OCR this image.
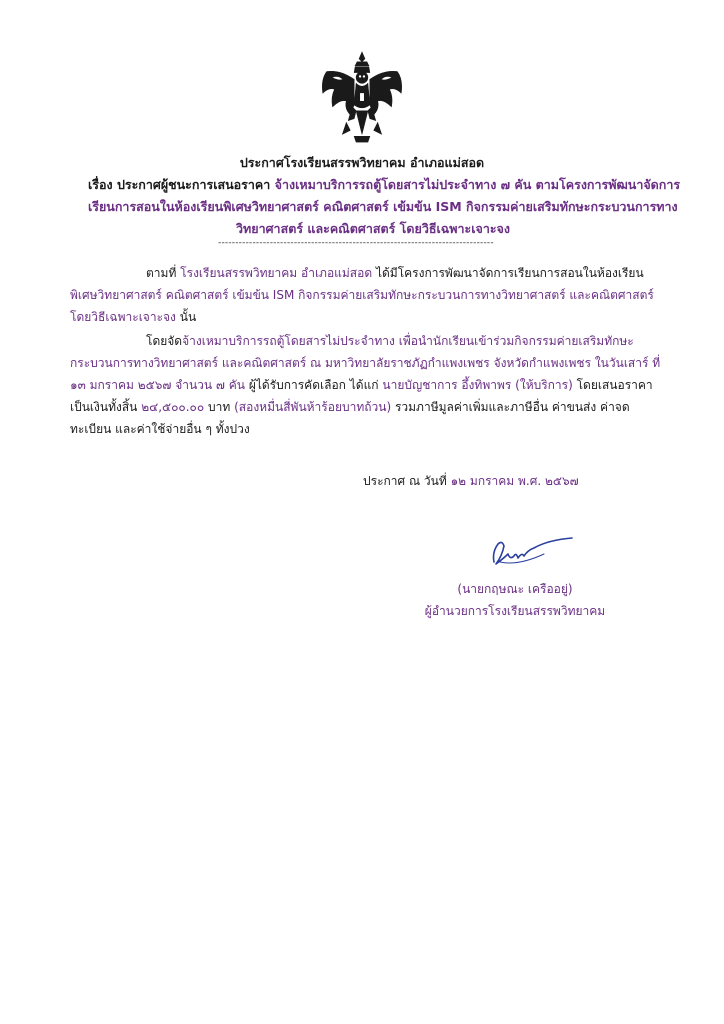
ประกาศโรงเรียนสรรพวิทยาคม อำเภอแม่สอด
เรื่อง ประกาศผู้ชนะการเสนอราคา จ้างเหมาบริการรถตู้โดยสารไม่ประจำทาง ๗ คัน ตามโครงการพัฒนาจัดการ
เรียนการสอนในห้องเรียนพิเศษวิทยาศาสตร์ คณิตศาสตร์ เข้มข้น ISM กิจกรรมค่ายเสริมทักษะกระบวนการทาง
วิทยาศาสตร์ และคณิตศาสตร์ โดยวิธีเฉพาะเจาะจง
--------------------------------------------------------------------------------
ตามที่ โรงเรียนสรรพวิทยาคม อำเภอแม่สอด ได้มีโครงการพัฒนาจัดการเรียนการสอนในห้องเรียน
พิเศษวิทยาศาสตร์ คณิตศาสตร์ เข้มข้น ISM กิจกรรมค่ายเสริมทักษะกระบวนการทางวิทยาศาสตร์ และคณิตศาสตร์
โดยวิธีเฉพาะเจาะจง นั้น
โดยจัดจ้างเหมาบริการรถตู้โดยสารไม่ประจำทาง เพื่อนำนักเรียนเข้าร่วมกิจกรรมค่ายเสริมทักษะ
กระบวนการทางวิทยาศาสตร์ และคณิตศาสตร์ ณ มหาวิทยาลัยราชภัฏกำแพงเพชร จังหวัดกำแพงเพชร ในวันเสาร์ ที่
๑๓ มกราคม ๒๕๖๗ จำนวน ๗ คัน ผู้ได้รับการคัดเลือก ได้แก่ นายบัญชาการ อึ้งทิพาพร (ให้บริการ) โดยเสนอราคา
เป็นเงินทั้งสิ้น ๒๔,๕๐๐.๐๐ บาท (สองหมื่นสี่พันห้าร้อยบาทถ้วน) รวมภาษีมูลค่าเพิ่มและภาษีอื่น ค่าขนส่ง ค่าจด
ทะเบียน และค่าใช้จ่ายอื่น ๆ ทั้งปวง
ประกาศ ณ วันที่ ๑๒ มกราคม พ.ศ. ๒๕๖๗
(นายกฤษณะ เครืออยู่)
ผู้อำนวยการโรงเรียนสรรพวิทยาคม
